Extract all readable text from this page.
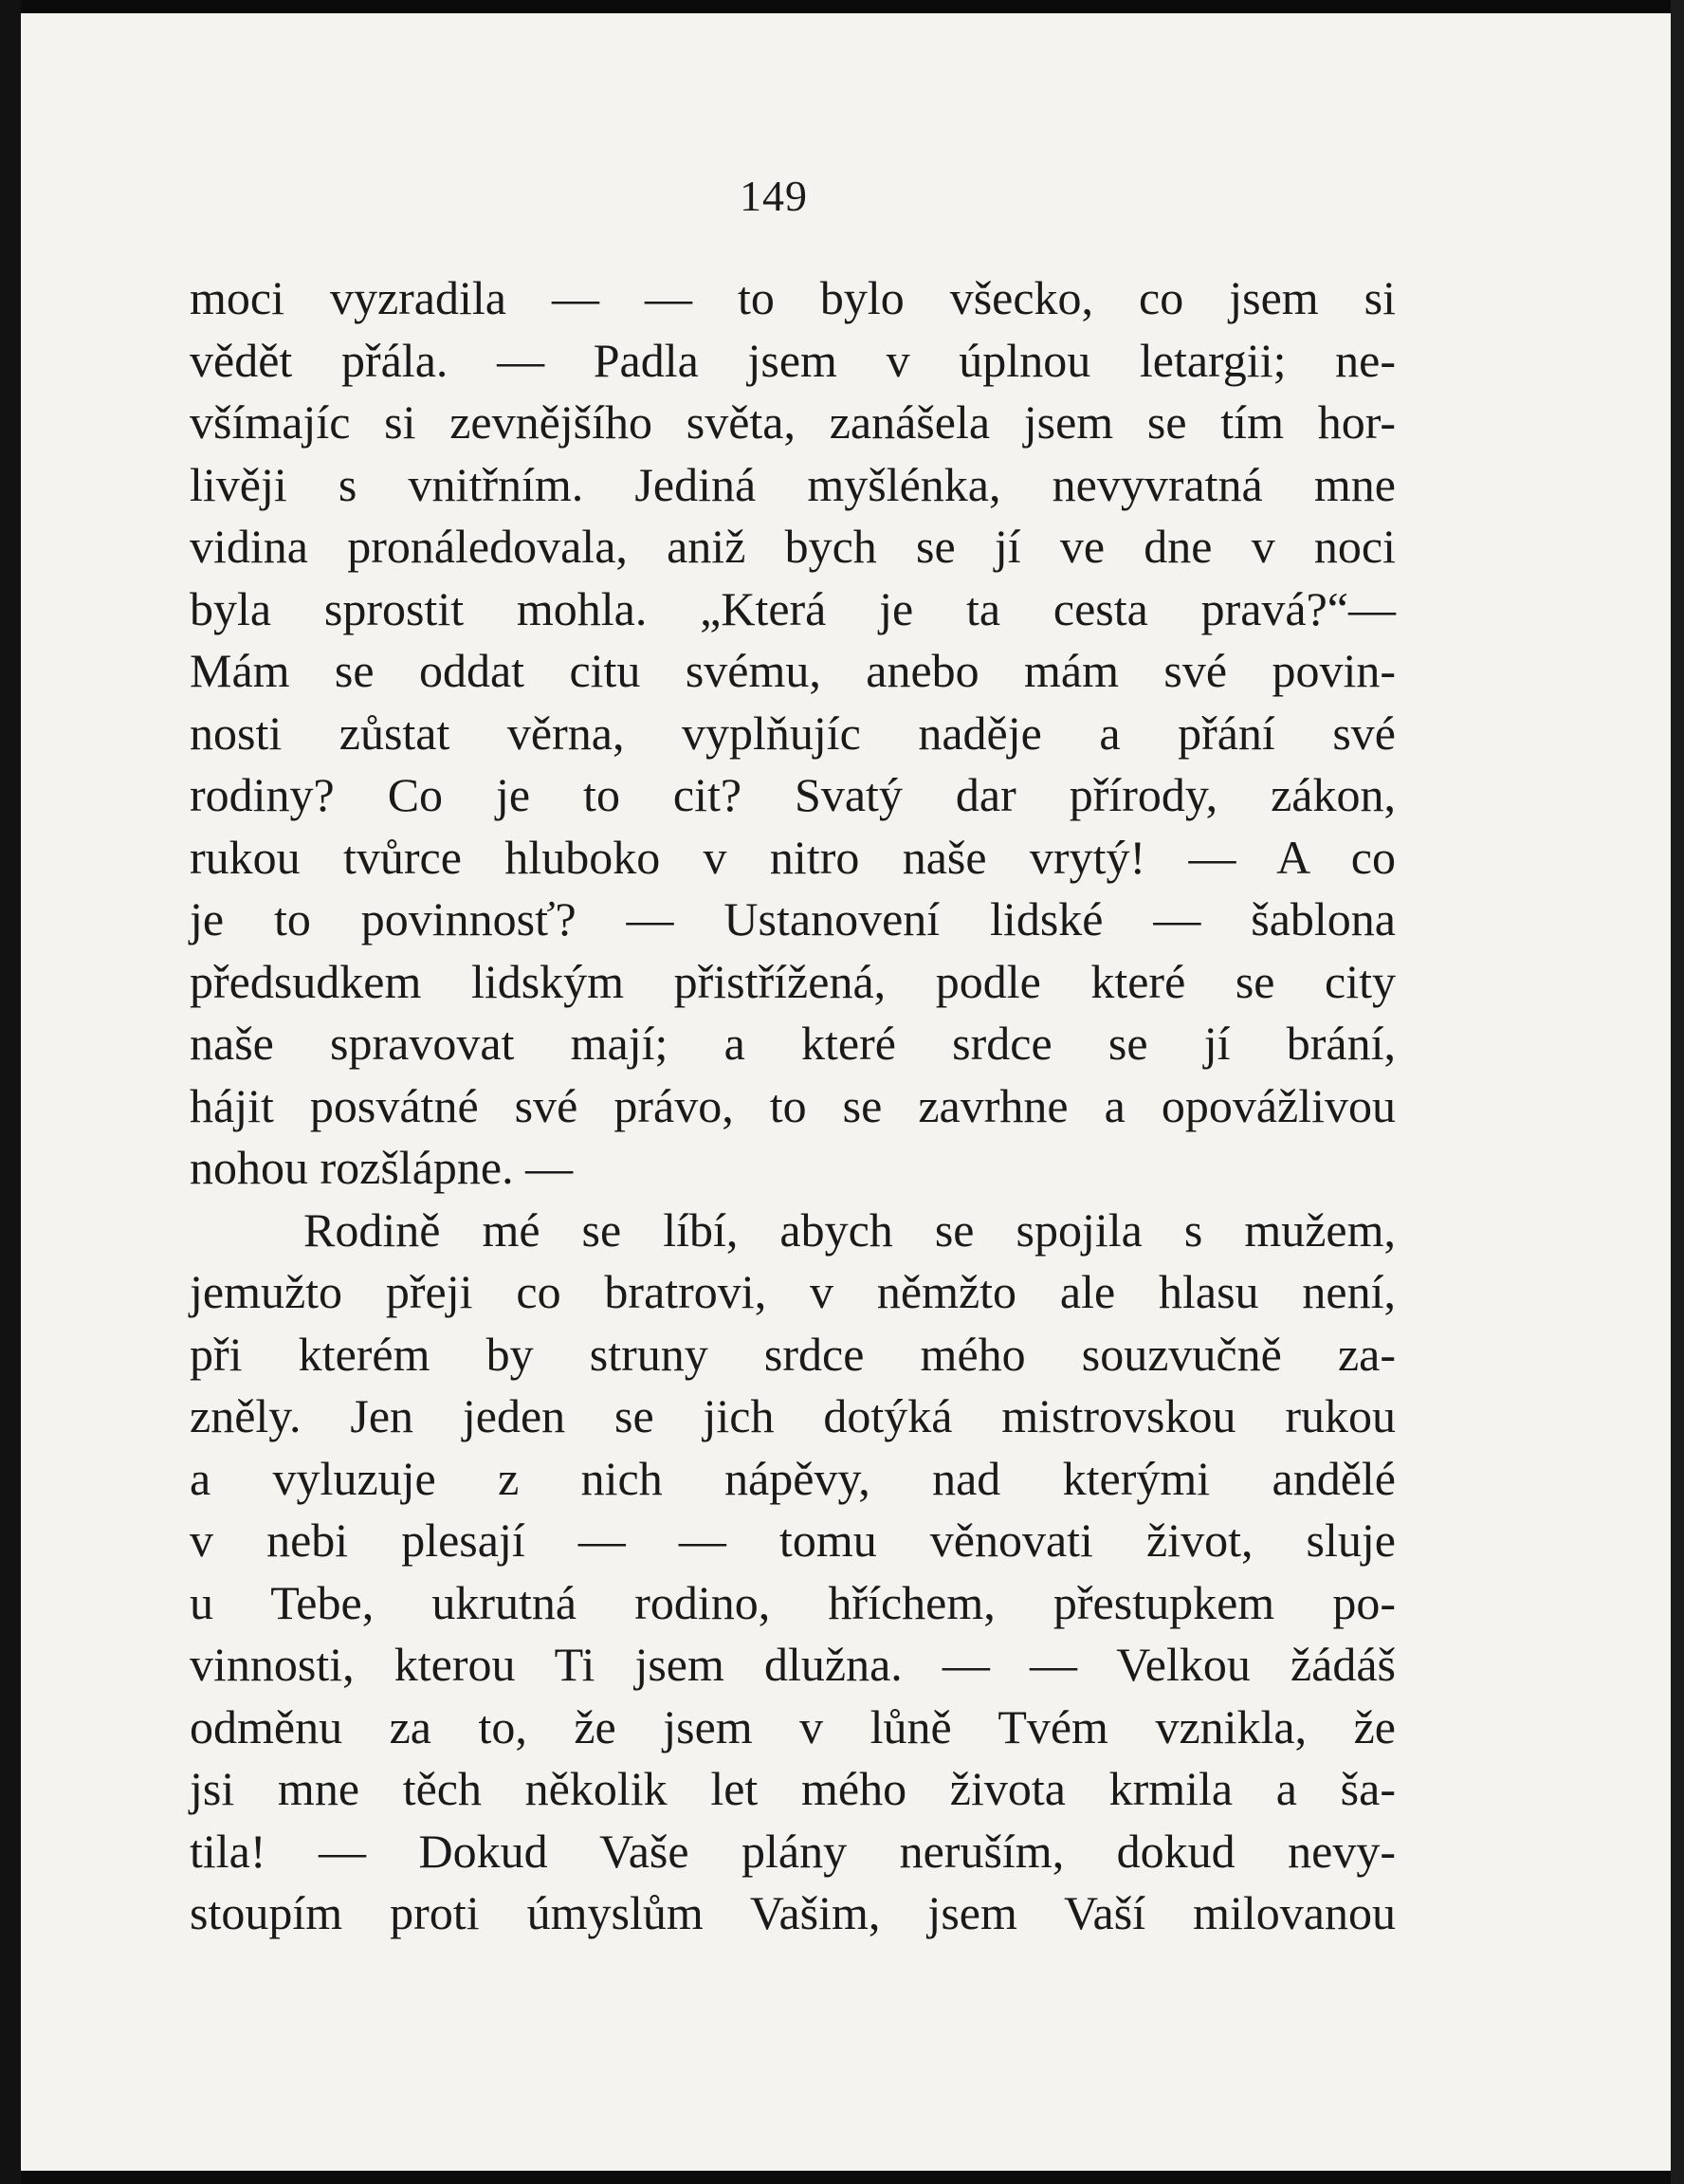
149
moci vyzradila — — to bylo všecko, co jsem si
vědět přála. — Padla jsem v úplnou letargii; ne-
všímajíc si zevnějšího světa, zanášela jsem se tím hor-
livěji s vnitřním. Jediná myšlénka, nevyvratná mne
vidina pronáledovala, aniž bych se jí ve dne v noci
byla sprostit mohla. „Která je ta cesta pravá?“—
Mám se oddat citu svému, anebo mám své povin-
nosti zůstat věrna, vyplňujíc naděje a přání své
rodiny? Co je to cit? Svatý dar přírody, zákon,
rukou tvůrce hluboko v nitro naše vrytý! — A co
je to povinnosť? — Ustanovení lidské — šablona
předsudkem lidským přistřížená, podle které se city
naše spravovat mají; a které srdce se jí brání,
hájit posvátné své právo, to se zavrhne a opovážlivou
nohou rozšlápne. —
Rodině mé se líbí, abych se spojila s mužem,
jemužto přeji co bratrovi, v němžto ale hlasu není,
při kterém by struny srdce mého souzvučně za-
zněly. Jen jeden se jich dotýká mistrovskou rukou
a vyluzuje z nich nápěvy, nad kterými andělé
v nebi plesají — — tomu věnovati život, sluje
u Tebe, ukrutná rodino, hříchem, přestupkem po-
vinnosti, kterou Ti jsem dlužna. — — Velkou žádáš
odměnu za to, že jsem v lůně Tvém vznikla, že
jsi mne těch několik let mého života krmila a ša-
tila! — Dokud Vaše plány neruším, dokud nevy-
stoupím proti úmyslům Vašim, jsem Vaší milovanou
